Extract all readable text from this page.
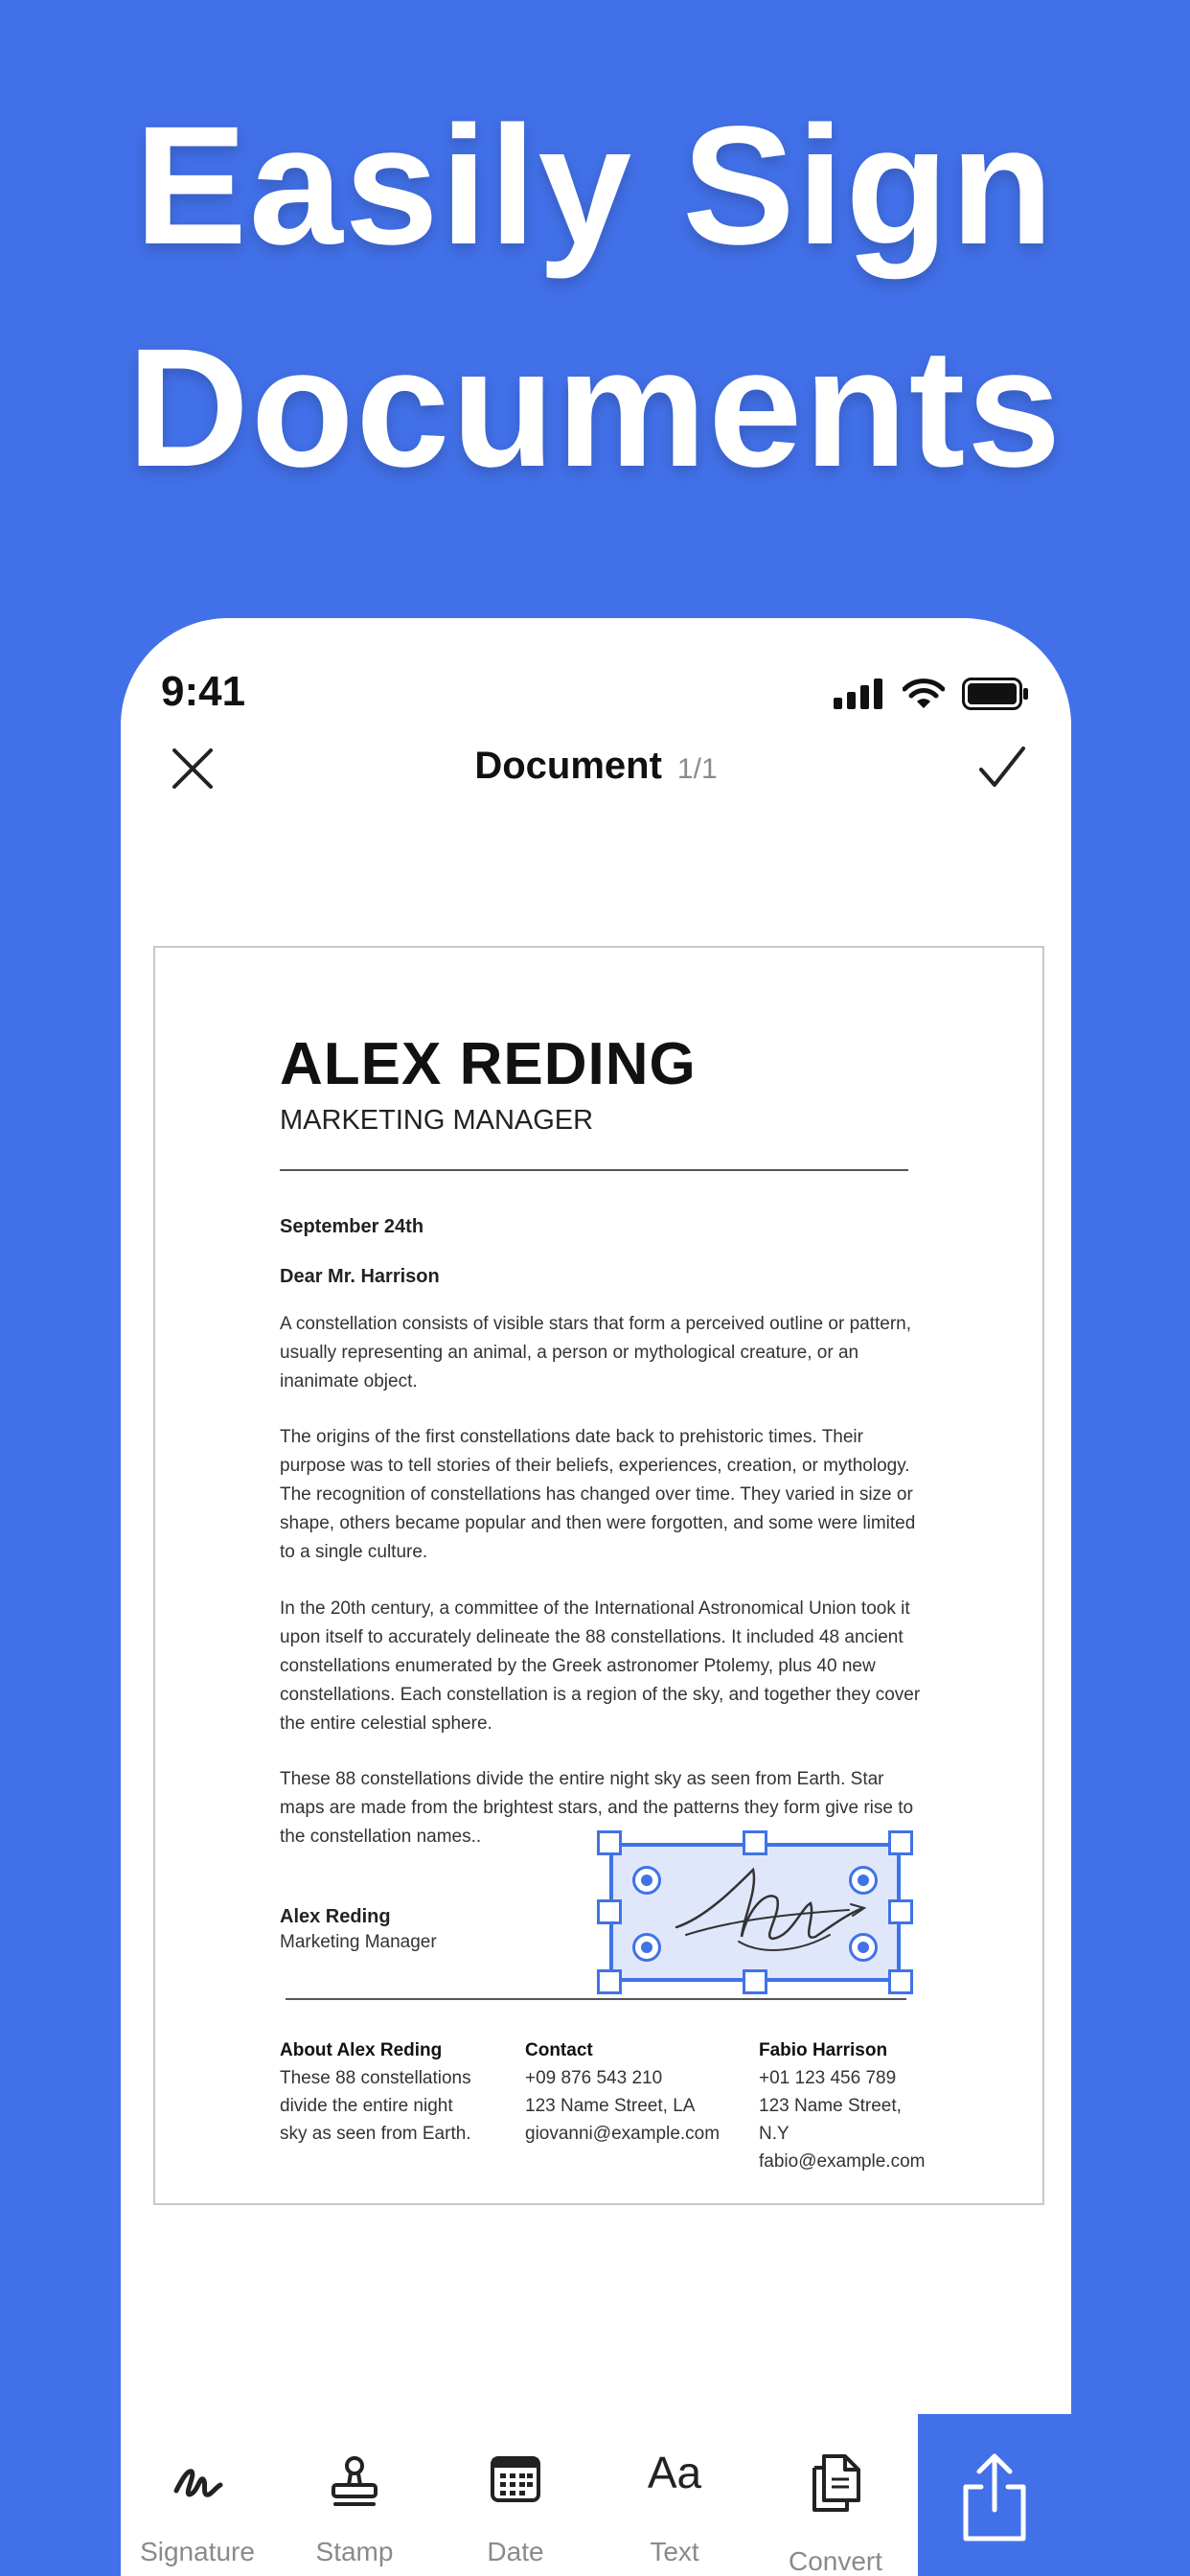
Easily Sign
Documents
9:41
Document 1/1
ALEX REDING
MARKETING MANAGER
September 24th
Dear Mr. Harrison
A constellation consists of visible stars that form a perceived outline or pattern, usually representing an animal, a person or mythological creature, or an inanimate object.
The origins of the first constellations date back to prehistoric times. Their purpose was to tell stories of their beliefs, experiences, creation, or mythology. The recognition of constellations has changed over time. They varied in size or shape, others became popular and then were forgotten, and some were limited to a single culture.
In the 20th century, a committee of the International Astronomical Union took it upon itself to accurately delineate the 88 constellations. It included 48 ancient constellations enumerated by the Greek astronomer Ptolemy, plus 40 new constellations. Each constellation is a region of the sky, and together they cover the entire celestial sphere.
These 88 constellations divide the entire night sky as seen from Earth. Star maps are made from the brightest stars, and the patterns they form give rise to the constellation names..
Alex Reding
Marketing Manager
About Alex Reding
These 88 constellations
divide the entire night
sky as seen from Earth.
Contact
+09 876 543 210
123 Name Street, LA
giovanni@example.com
Fabio Harrison
+01 123 456 789
123 Name Street, N.Y
fabio@example.com
Signature	Stamp	Date
Aa
Text	Convert
